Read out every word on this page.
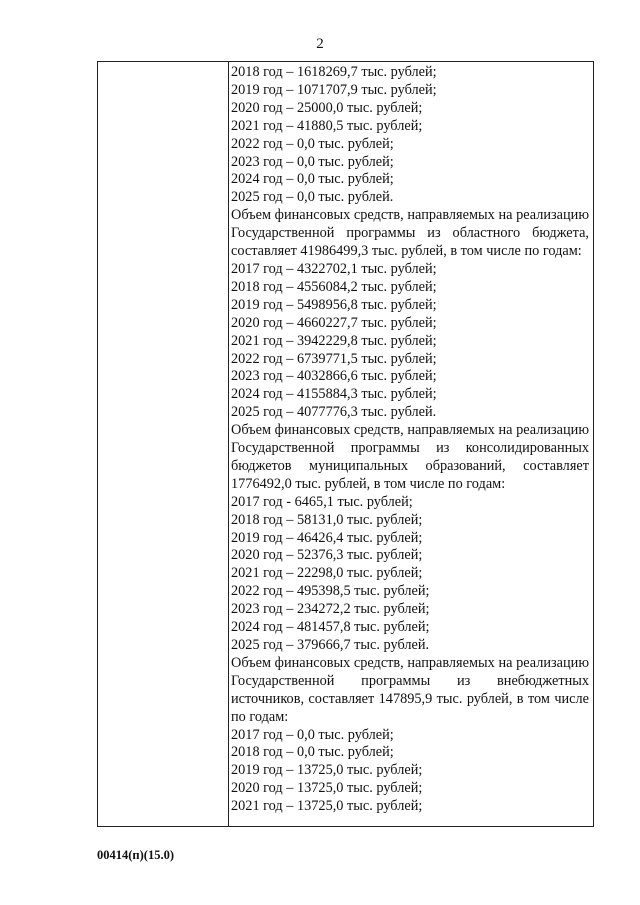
2
2018 год – 1618269,7 тыс. рублей;
2019 год – 1071707,9 тыс. рублей;
2020 год – 25000,0 тыс. рублей;
2021 год – 41880,5 тыс. рублей;
2022 год – 0,0 тыс. рублей;
2023 год – 0,0 тыс. рублей;
2024 год – 0,0 тыс. рублей;
2025 год – 0,0 тыс. рублей.
Объем финансовых средств, направляемых на реализацию Государственной программы из областного бюджета, составляет 41986499,3 тыс. рублей, в том числе по годам:
2017 год – 4322702,1 тыс. рублей;
2018 год – 4556084,2 тыс. рублей;
2019 год – 5498956,8 тыс. рублей;
2020 год – 4660227,7 тыс. рублей;
2021 год – 3942229,8 тыс. рублей;
2022 год – 6739771,5 тыс. рублей;
2023 год – 4032866,6 тыс. рублей;
2024 год – 4155884,3 тыс. рублей;
2025 год – 4077776,3 тыс. рублей.
Объем финансовых средств, направляемых на реализацию Государственной программы из консолидированных бюджетов муниципальных образований, составляет 1776492,0 тыс. рублей, в том числе по годам:
2017 год - 6465,1 тыс. рублей;
2018 год – 58131,0 тыс. рублей;
2019 год – 46426,4 тыс. рублей;
2020 год – 52376,3 тыс. рублей;
2021 год – 22298,0 тыс. рублей;
2022 год – 495398,5 тыс. рублей;
2023 год – 234272,2 тыс. рублей;
2024 год – 481457,8 тыс. рублей;
2025 год – 379666,7 тыс. рублей.
Объем финансовых средств, направляемых на реализацию Государственной программы из внебюджетных источников, составляет 147895,9 тыс. рублей, в том числе по годам:
2017 год – 0,0 тыс. рублей;
2018 год – 0,0 тыс. рублей;
2019 год – 13725,0 тыс. рублей;
2020 год – 13725,0 тыс. рублей;
2021 год – 13725,0 тыс. рублей;
00414(п)(15.0)
